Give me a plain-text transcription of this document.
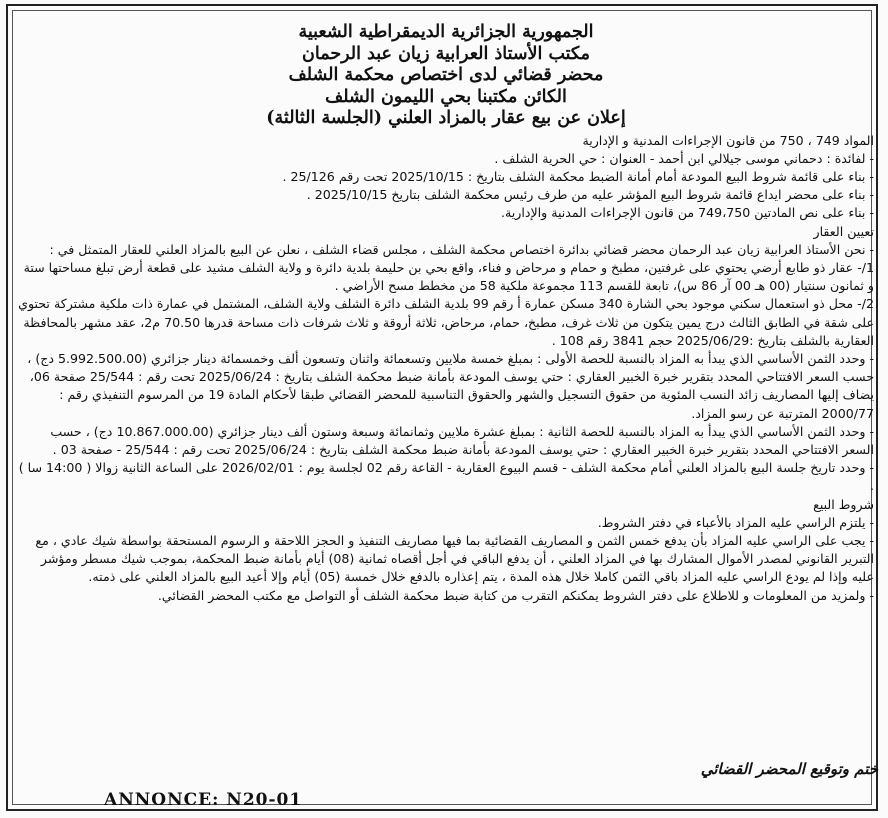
الجمهورية الجزائرية الديمقراطية الشعبية
مكتب الأستاذ العرابية زيان عبد الرحمان
محضر قضائي لدى اختصاص محكمة الشلف
الكائن مكتبنا بحي الليمون الشلف
إعلان عن بيع عقار بالمزاد العلني (الجلسة الثالثة)

المواد 749 ، 750 من قانون الإجراءات المدنية و الإدارية

- لفائدة : دحماني موسى جيلالي ابن أحمد - العنوان : حي الحرية الشلف .

- بناء على قائمة شروط البيع المودعة أمام أمانة الضبط محكمة الشلف بتاريخ : 2025/10/15 تحت رقم 25/126 .

- بناء على محضر ايداع قائمة شروط البيع المؤشر عليه من طرف رئيس محكمة الشلف بتاريخ 2025/10/15 .

- بناء على نص المادتين 749،750 من قانون الإجراءات المدنية والإدارية.

تعيين العقار

- نحن الأستاذ العرابية زيان عبد الرحمان محضر قضائي بدائرة اختصاص محكمة الشلف ، مجلس قضاء الشلف ، نعلن عن البيع بالمزاد العلني للعقار المتمثل في :

1/- عقار ذو طابع أرضي يحتوي على غرفتين، مطبخ و حمام و مرحاض و فناء، واقع بحي بن حليمة بلدية دائرة و ولاية الشلف مشيد على قطعة أرض تبلغ مساحتها ستة و ثمانون سنتيار (00 هـ 00 آر 86 س)، تابعة للقسم 113 مجموعة ملكية 58 من مخطط مسح الأراضي .

2/- محل ذو استعمال سكني موجود بحي الشارة 340 مسكن عمارة أ رقم 99 بلدية الشلف دائرة الشلف ولاية الشلف، المشتمل في عمارة ذات ملكية مشتركة تحتوي على شقة في الطابق الثالث درج يمين يتكون من ثلاث غرف، مطبخ، حمام، مرحاض، ثلاثة أروقة و ثلاث شرفات ذات مساحة قدرها 70.50 م2، عقد مشهر بالمحافظة العقارية بالشلف بتاريخ :2025/06/29 حجم 3841 رقم 108 .

- وحدد الثمن الأساسي الذي يبدأ به المزاد بالنسبة للحصة الأولى : بمبلغ خمسة ملايين وتسعمائة واثنان وتسعون ألف وخمسمائة دينار جزائري (5.992.500.00 دج) ، حسب السعر الافتتاحي المحدد بتقرير خبرة الخبير العقاري : حتي يوسف المودعة بأمانة ضبط محكمة الشلف بتاريخ : 2025/06/24 تحت رقم : 25/544 صفحة 06، يضاف إليها المصاريف زائد النسب المئوية من حقوق التسجيل والشهر والحقوق التناسبية للمحضر القضائي طبقا لأحكام المادة 19 من المرسوم التنفيذي رقم : 2000/77 المترتبة عن رسو المزاد.

- وحدد الثمن الأساسي الذي يبدأ به المزاد بالنسبة للحصة الثانية : بمبلغ عشرة ملايين وثمانمائة وسبعة وستون ألف دينار جزائري (10.867.000.00 دج) ، حسب السعر الافتتاحي المحدد بتقرير خبرة الخبير العقاري : حتي يوسف المودعة بأمانة ضبط محكمة الشلف بتاريخ : 2025/06/24 تحت رقم : 25/544 - صفحة 03 .

- وحدد تاريخ جلسة البيع بالمزاد العلني أمام محكمة الشلف - قسم البيوع العقارية - القاعة رقم 02 لجلسة يوم : 2026/02/01 على الساعة الثانية زوالا ( 14:00 سا ) .

شروط البيع

- يلتزم الراسي عليه المزاد بالأعباء في دفتر الشروط.

- يجب على الراسي عليه المزاد بأن يدفع خمس الثمن و المصاريف القضائية بما فيها مصاريف التنفيذ و الحجز اللاحقة و الرسوم المستحقة بواسطة شيك عادي ، مع التبرير القانوني لمصدر الأموال المشارك بها في المزاد العلني ، أن يدفع الباقي في أجل أقصاه ثمانية (08) أيام بأمانة ضبط المحكمة، بموجب شيك مسطر ومؤشر عليه وإذا لم يودع الراسي عليه المزاد باقي الثمن كاملا خلال هذه المدة ، يتم إعذاره بالدفع خلال خمسة (05) أيام وإلا أعيد البيع بالمزاد العلني على ذمته.

- ولمزيد من المعلومات و للاطلاع على دفتر الشروط يمكنكم التقرب من كتابة ضبط محكمة الشلف أو التواصل مع مكتب المحضر القضائي.

ختم وتوقيع المحضر القضائي
ANNONCE: N20-01
